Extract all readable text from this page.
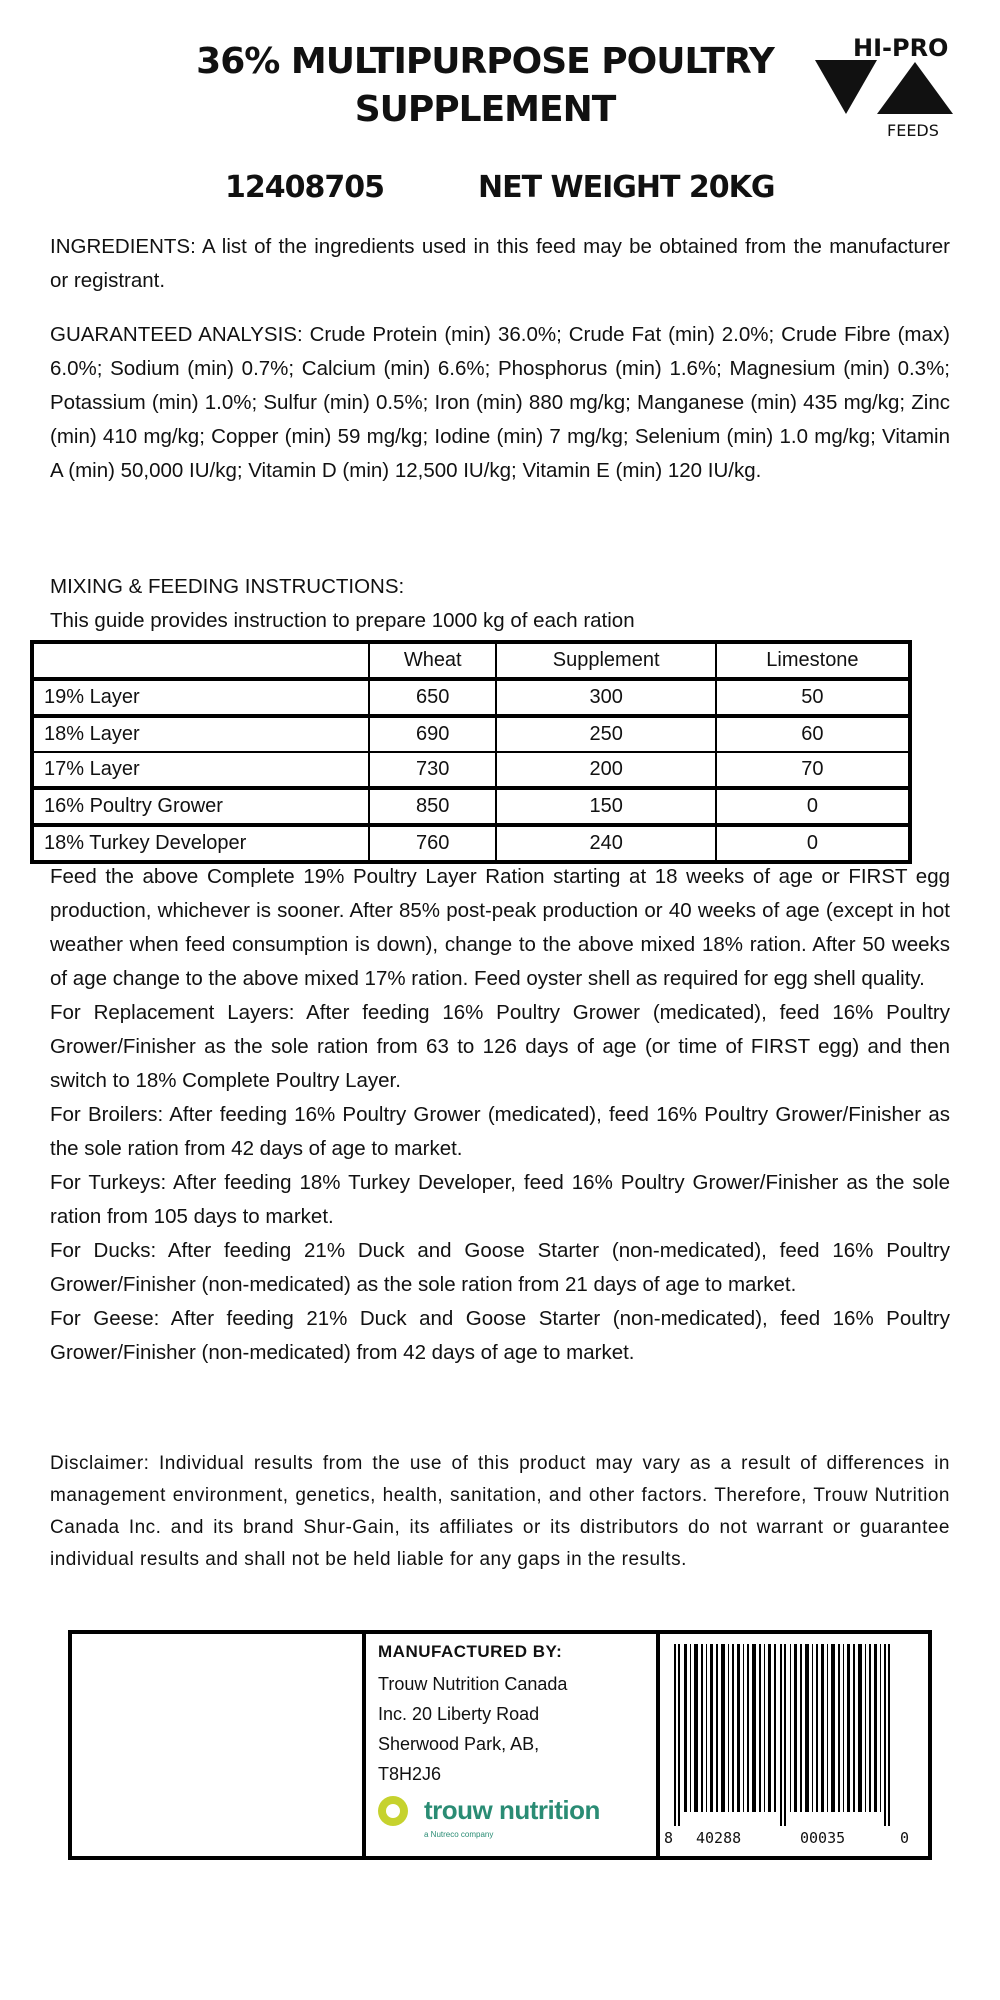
36% MULTIPURPOSE POULTRY
SUPPLEMENT
HI-PRO
FEEDS
12408705	NET WEIGHT 20KG
INGREDIENTS: A list of the ingredients used in this feed may be obtained from the manufacturer or registrant.
GUARANTEED ANALYSIS: Crude Protein (min) 36.0%; Crude Fat (min) 2.0%; Crude Fibre (max) 6.0%; Sodium (min) 0.7%; Calcium (min) 6.6%; Phosphorus (min) 1.6%; Magnesium (min) 0.3%; Potassium (min) 1.0%; Sulfur (min) 0.5%; Iron (min) 880 mg/kg; Manganese (min) 435 mg/kg; Zinc (min) 410 mg/kg; Copper (min) 59 mg/kg; Iodine (min) 7 mg/kg; Selenium (min) 1.0 mg/kg; Vitamin A (min) 50,000 IU/kg; Vitamin D (min) 12,500 IU/kg; Vitamin E (min) 120 IU/kg.
MIXING & FEEDING INSTRUCTIONS:
This guide provides instruction to prepare 1000 kg of each ration
	Wheat	Supplement	Limestone
19% Layer	650	300	50
18% Layer	690	250	60
17% Layer	730	200	70
16% Poultry Grower	850	150	0
18% Turkey Developer	760	240	0

Feed the above Complete 19% Poultry Layer Ration starting at 18 weeks of age or FIRST egg production, whichever is sooner. After 85% post-peak production or 40 weeks of age (except in hot weather when feed consumption is down), change to the above mixed 18% ration. After 50 weeks of age change to the above mixed 17% ration. Feed oyster shell as required for egg shell quality.

For Replacement Layers: After feeding 16% Poultry Grower (medicated), feed 16% Poultry Grower/Finisher as the sole ration from 63 to 126 days of age (or time of FIRST egg) and then switch to 18% Complete Poultry Layer.

For Broilers: After feeding 16% Poultry Grower (medicated), feed 16% Poultry Grower/Finisher as the sole ration from 42 days of age to market.

For Turkeys: After feeding 18% Turkey Developer, feed 16% Poultry Grower/Finisher as the sole ration from 105 days to market.

For Ducks: After feeding 21% Duck and Goose Starter (non-medicated), feed 16% Poultry Grower/Finisher (non-medicated) as the sole ration from 21 days of age to market.

For Geese: After feeding 21% Duck and Goose Starter (non-medicated), feed 16% Poultry Grower/Finisher (non-medicated) from 42 days of age to market.

Disclaimer: Individual results from the use of this product may vary as a result of differences in management environment, genetics, health, sanitation, and other factors. Therefore, Trouw Nutrition Canada Inc. and its brand Shur-Gain, its affiliates or its distributors do not warrant or guarantee individual results and shall not be held liable for any gaps in the results.
MANUFACTURED BY:
Trouw Nutrition Canada
Inc. 20 Liberty Road
Sherwood Park, AB,
T8H2J6
trouw nutrition
a Nutreco company	8 40288	00035	0
